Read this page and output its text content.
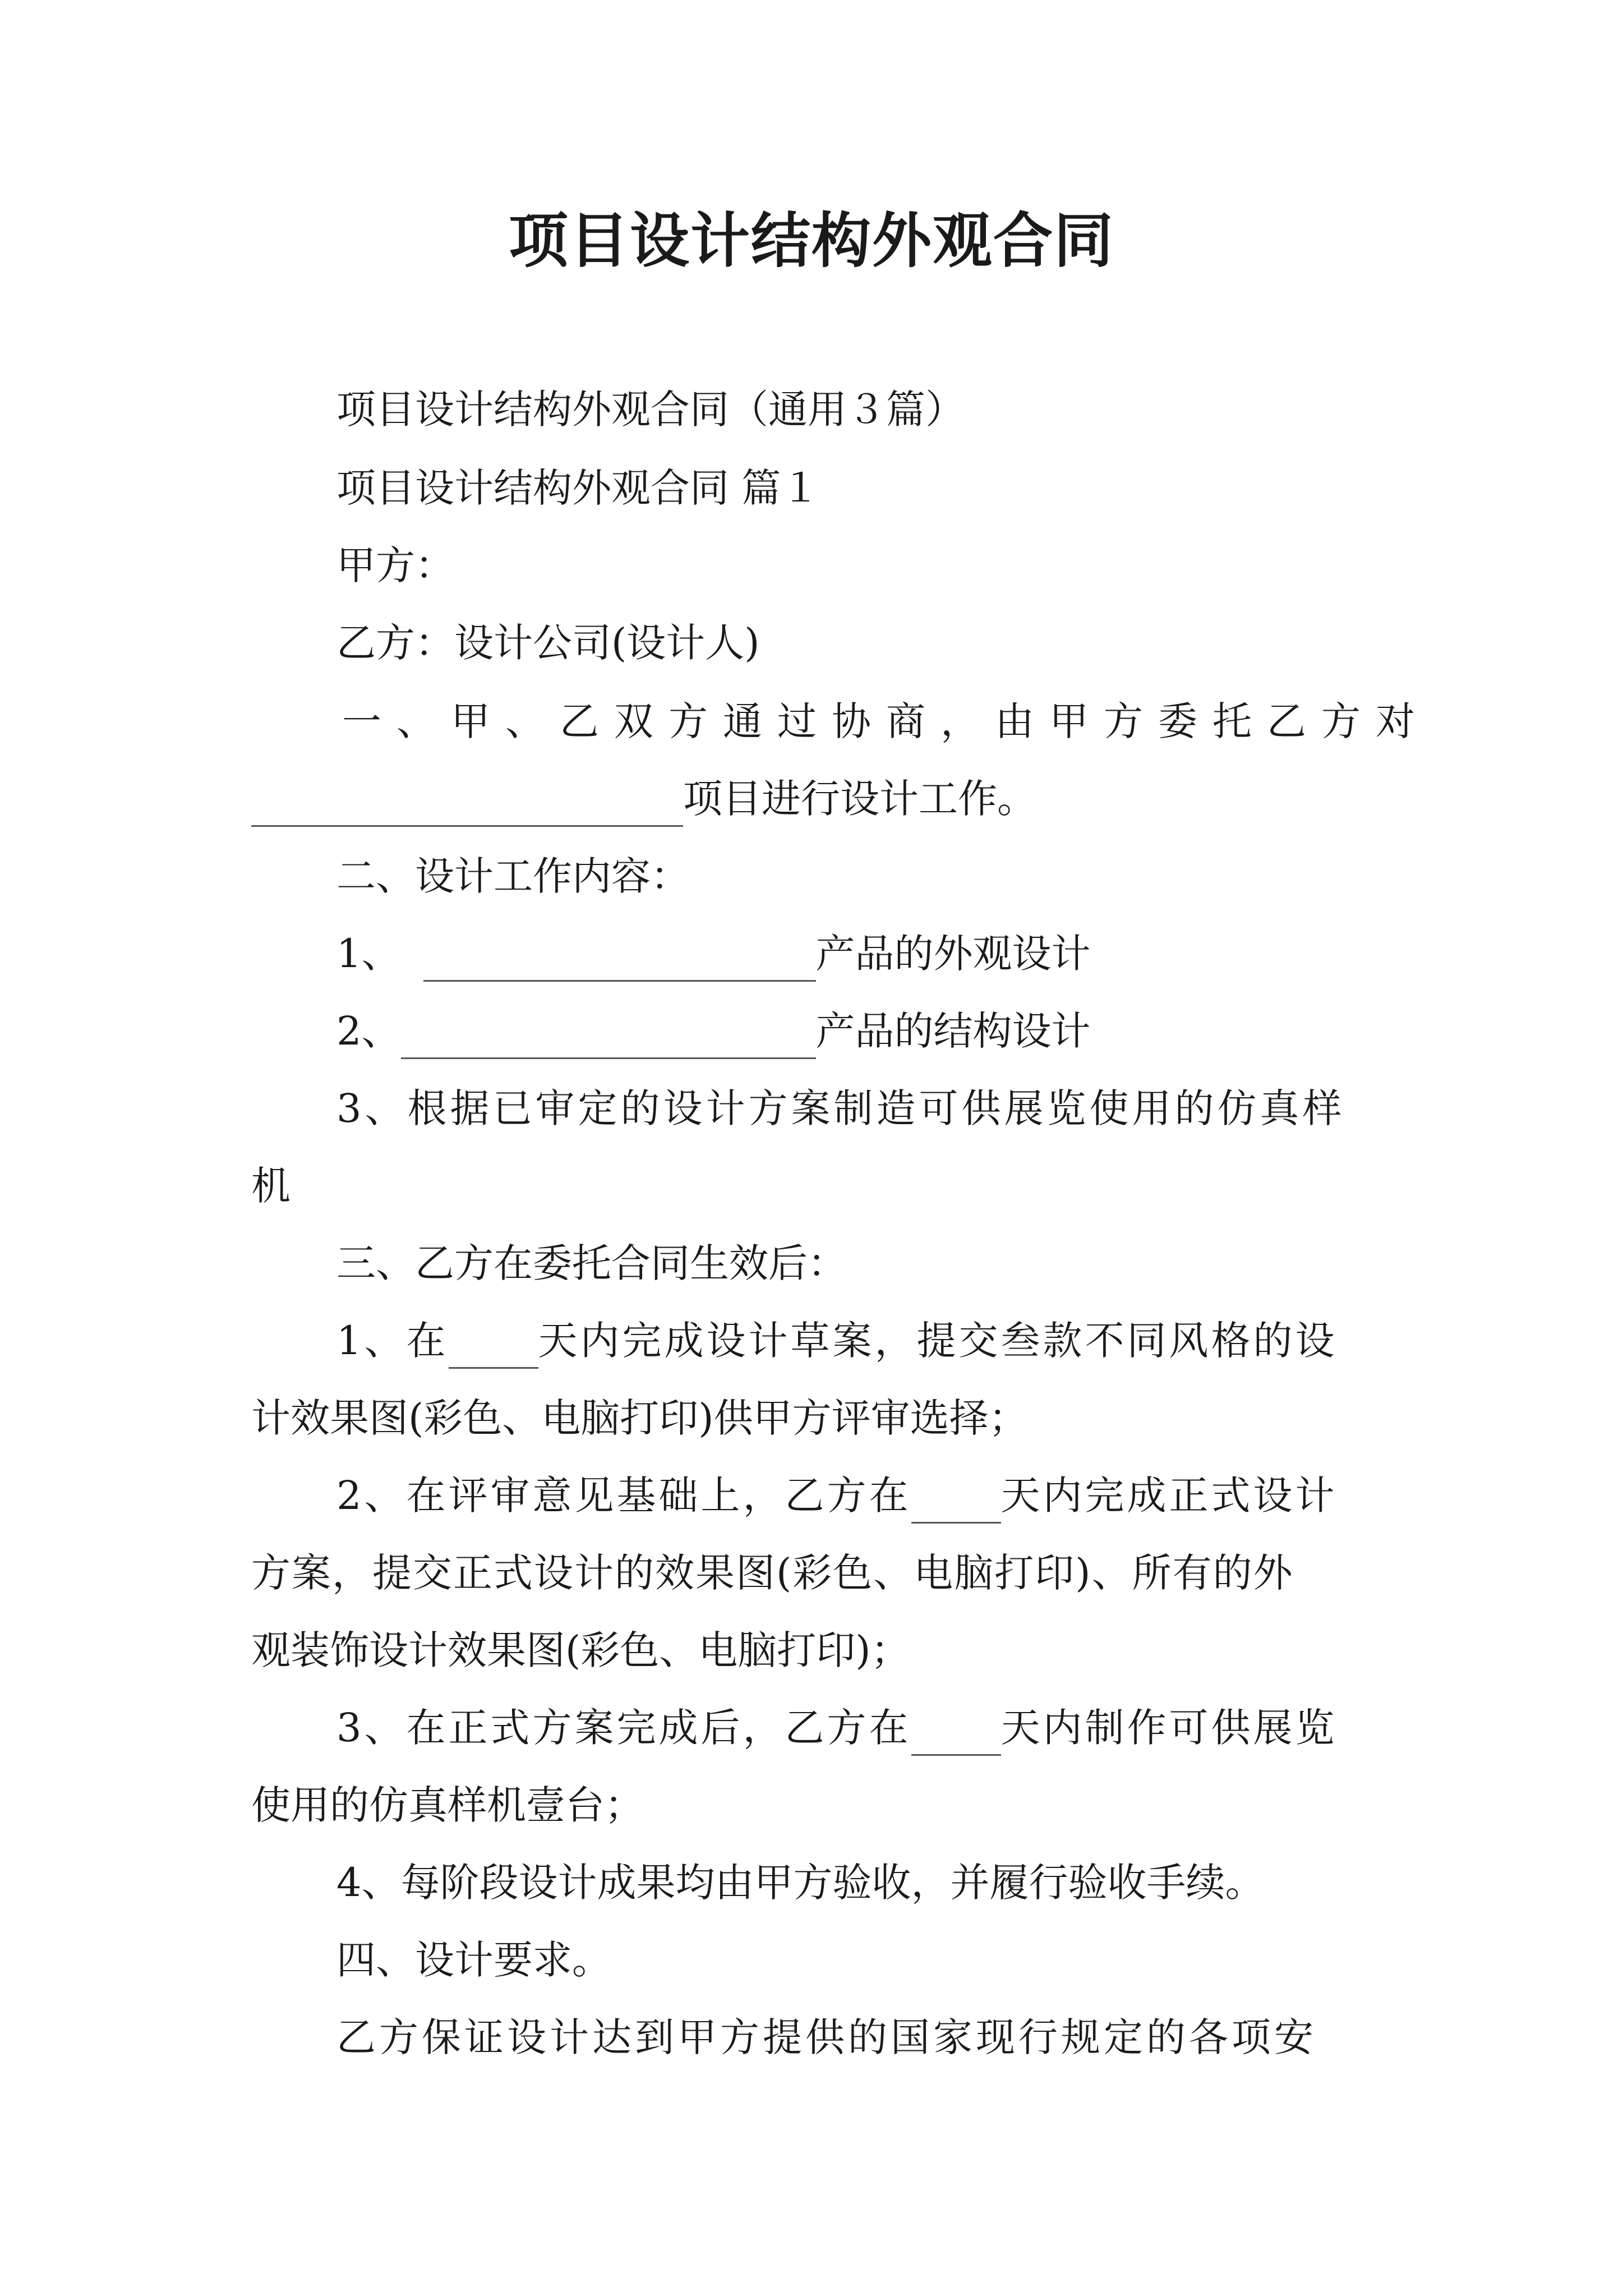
项目设计结构外观合同
项目设计结构外观合同（通用３篇）
项目设计结构外观合同 篇１
甲方：
乙方：设计公司(设计人)
一、甲、乙双方通过协商，由甲方委托乙方对
项目进行设计工作。
二、设计工作内容：
1、	产品的外观设计
2、	产品的结构设计
3、根据已审定的设计方案制造可供展览使用的仿真样
机
三、乙方在委托合同生效后：
1、在 天内完成设计草案，提交叁款不同风格的设
计效果图(彩色、电脑打印)供甲方评审选择；
2、在评审意见基础上，乙方在 天内完成正式设计
方案，提交正式设计的效果图(彩色、电脑打印)、所有的外
观装饰设计效果图(彩色、电脑打印)；
3、在正式方案完成后，乙方在 天内制作可供展览
使用的仿真样机壹台；
4、每阶段设计成果均由甲方验收，并履行验收手续。
四、设计要求。
乙方保证设计达到甲方提供的国家现行规定的各项安
